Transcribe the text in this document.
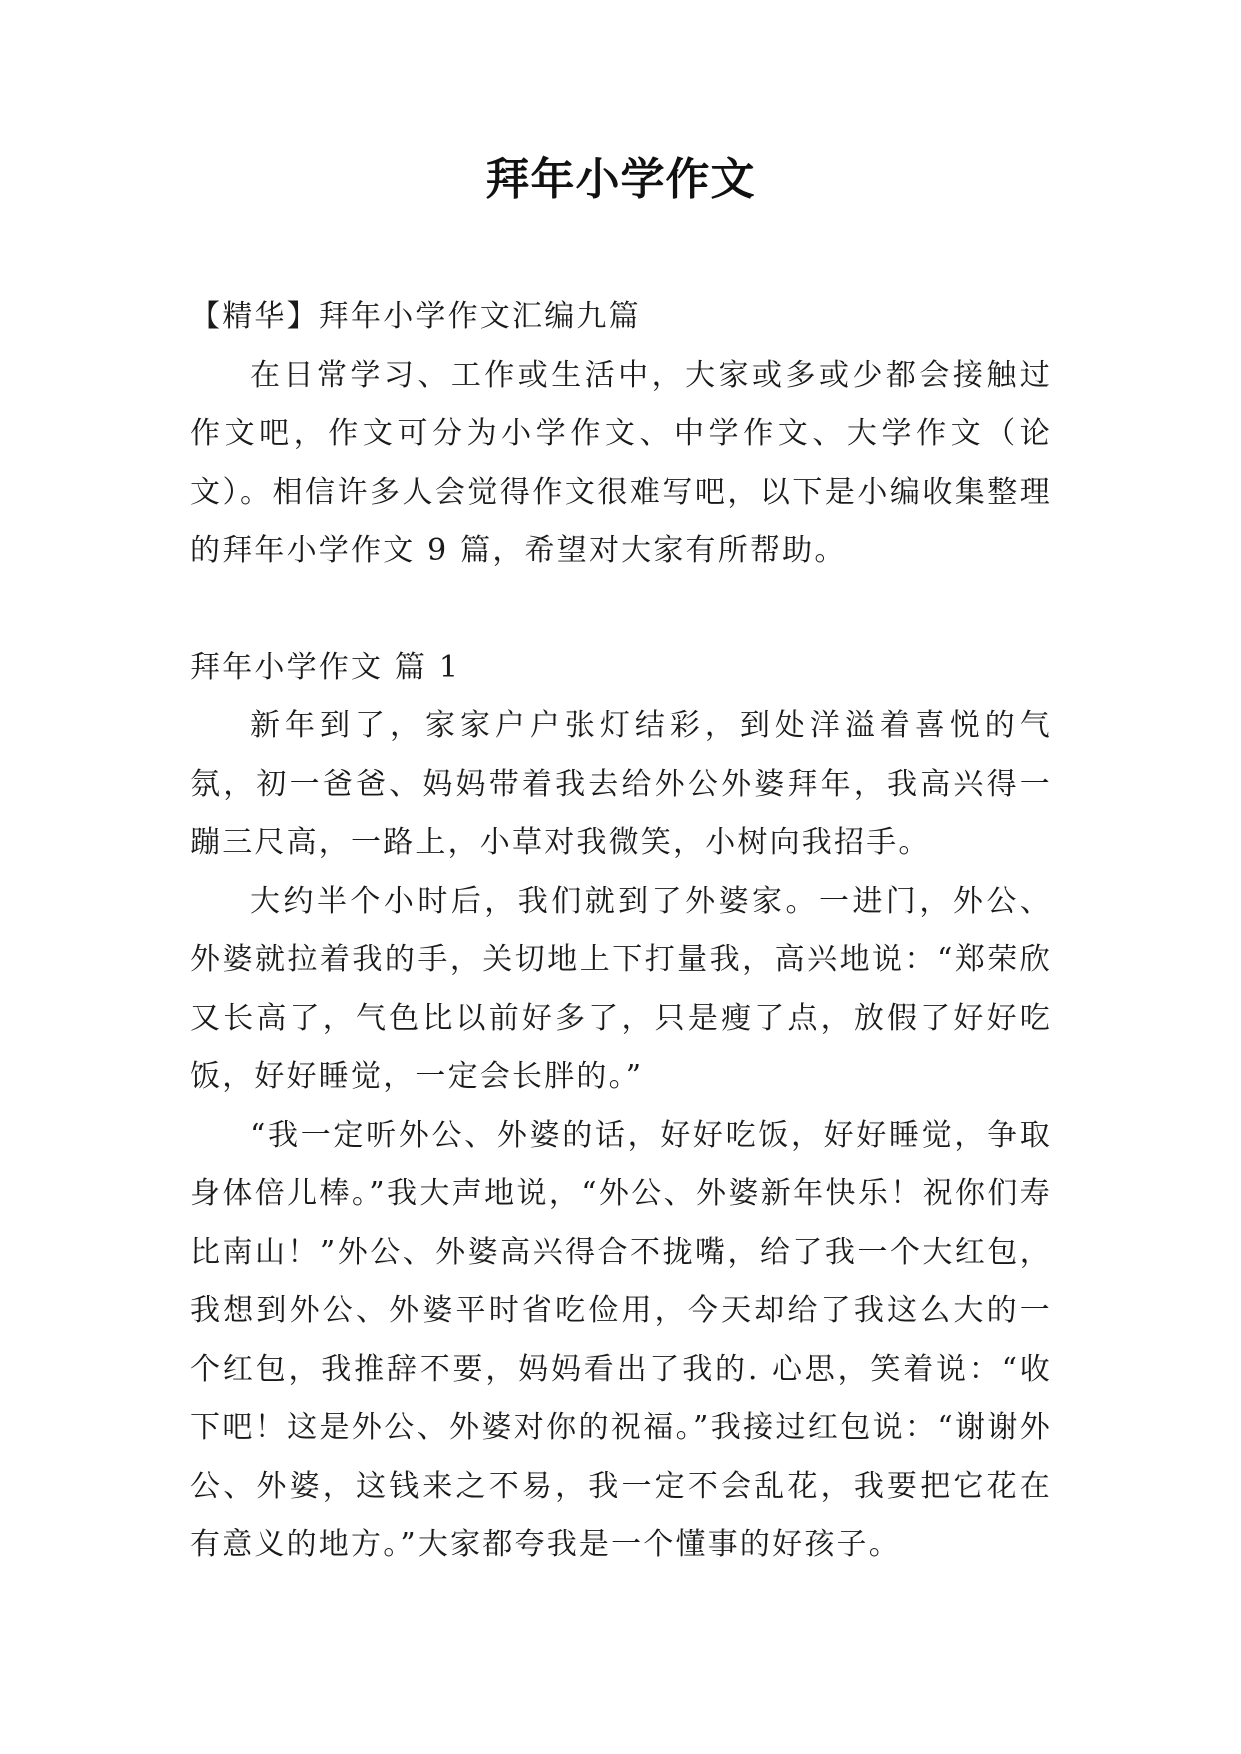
拜年小学作文

【精华】拜年小学作文汇编九篇

在日常学习、工作或生活中，大家或多或少都会接触过作文吧，作文可分为小学作文、中学作文、大学作文（论文）。相信许多人会觉得作文很难写吧，以下是小编收集整理的拜年小学作文 9 篇，希望对大家有所帮助。

拜年小学作文 篇 1

新年到了，家家户户张灯结彩，到处洋溢着喜悦的气氛，初一爸爸、妈妈带着我去给外公外婆拜年，我高兴得一蹦三尺高，一路上，小草对我微笑，小树向我招手。

大约半个小时后，我们就到了外婆家。一进门，外公、外婆就拉着我的手，关切地上下打量我，高兴地说：“郑荣欣又长高了，气色比以前好多了，只是瘦了点，放假了好好吃饭，好好睡觉，一定会长胖的。”

“我一定听外公、外婆的话，好好吃饭，好好睡觉，争取身体倍儿棒。”我大声地说，“外公、外婆新年快乐！祝你们寿比南山！”外公、外婆高兴得合不拢嘴，给了我一个大红包，我想到外公、外婆平时省吃俭用，今天却给了我这么大的一个红包，我推辞不要，妈妈看出了我的. 心思，笑着说：“收下吧！这是外公、外婆对你的祝福。”我接过红包说：“谢谢外公、外婆，这钱来之不易，我一定不会乱花，我要把它花在有意义的地方。”大家都夸我是一个懂事的好孩子。
